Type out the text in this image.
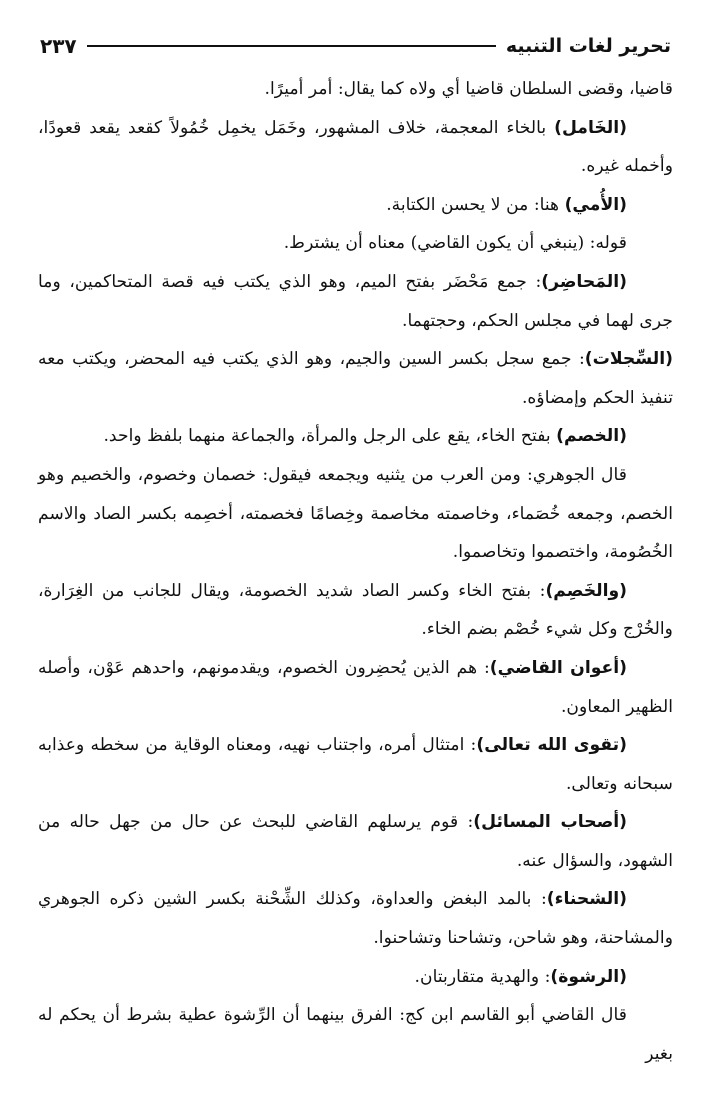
تحرير لغات التنبيه
٢٣٧

قاضيا، وقضى السلطان قاضيا أي ولاه كما يقال: أمر أميرًا.

(الخَامل) بالخاء المعجمة، خلاف المشهور، وخَمَل يخمِل خُمُولاً كقعد يقعد قعودًا، وأخمله غيره.

(الأُمي) هنا: من لا يحسن الكتابة.

قوله: (ينبغي أن يكون القاضي) معناه أن يشترط.

(المَحاضِر): جمع مَحْضَر بفتح الميم، وهو الذي يكتب فيه قصة المتحاكمين، وما جرى لهما في مجلس الحكم، وحجتهما.

(السِّجلات): جمع سجل بكسر السين والجيم، وهو الذي يكتب فيه المحضر، ويكتب معه تنفيذ الحكم وإمضاؤه.

(الخصم) بفتح الخاء، يقع على الرجل والمرأة، والجماعة منهما بلفظ واحد.

قال الجوهري: ومن العرب من يثنيه ويجمعه فيقول: خصمان وخصوم، والخصيم وهو الخصم، وجمعه خُصَماء، وخاصمته مخاصمة وخِصامًا فخصمته، أخصِمه بكسر الصاد والاسم الخُصُومة، واختصموا وتخاصموا.

(والخَصِم): بفتح الخاء وكسر الصاد شديد الخصومة، ويقال للجانب من الغِرَارة، والخُرْج وكل شيء خُصْم بضم الخاء.

(أعوان القاضي): هم الذين يُحضِرون الخصوم، ويقدمونهم، واحدهم عَوْن، وأصله الظهير المعاون.

(تقوى الله تعالى): امتثال أمره، واجتناب نهيه، ومعناه الوقاية من سخطه وعذابه سبحانه وتعالى.

(أصحاب المسائل): قوم يرسلهم القاضي للبحث عن حال من جهل حاله من الشهود، والسؤال عنه.

(الشحناء): بالمد البغض والعداوة، وكذلك الشِّحْنة بكسر الشين ذكره الجوهري والمشاحنة، وهو شاحن، وتشاحنا وتشاحنوا.

(الرشوة): والهدية متقاربتان.

قال القاضي أبو القاسم ابن كج: الفرق بينهما أن الرِّشوة عطية بشرط أن يحكم له بغير
